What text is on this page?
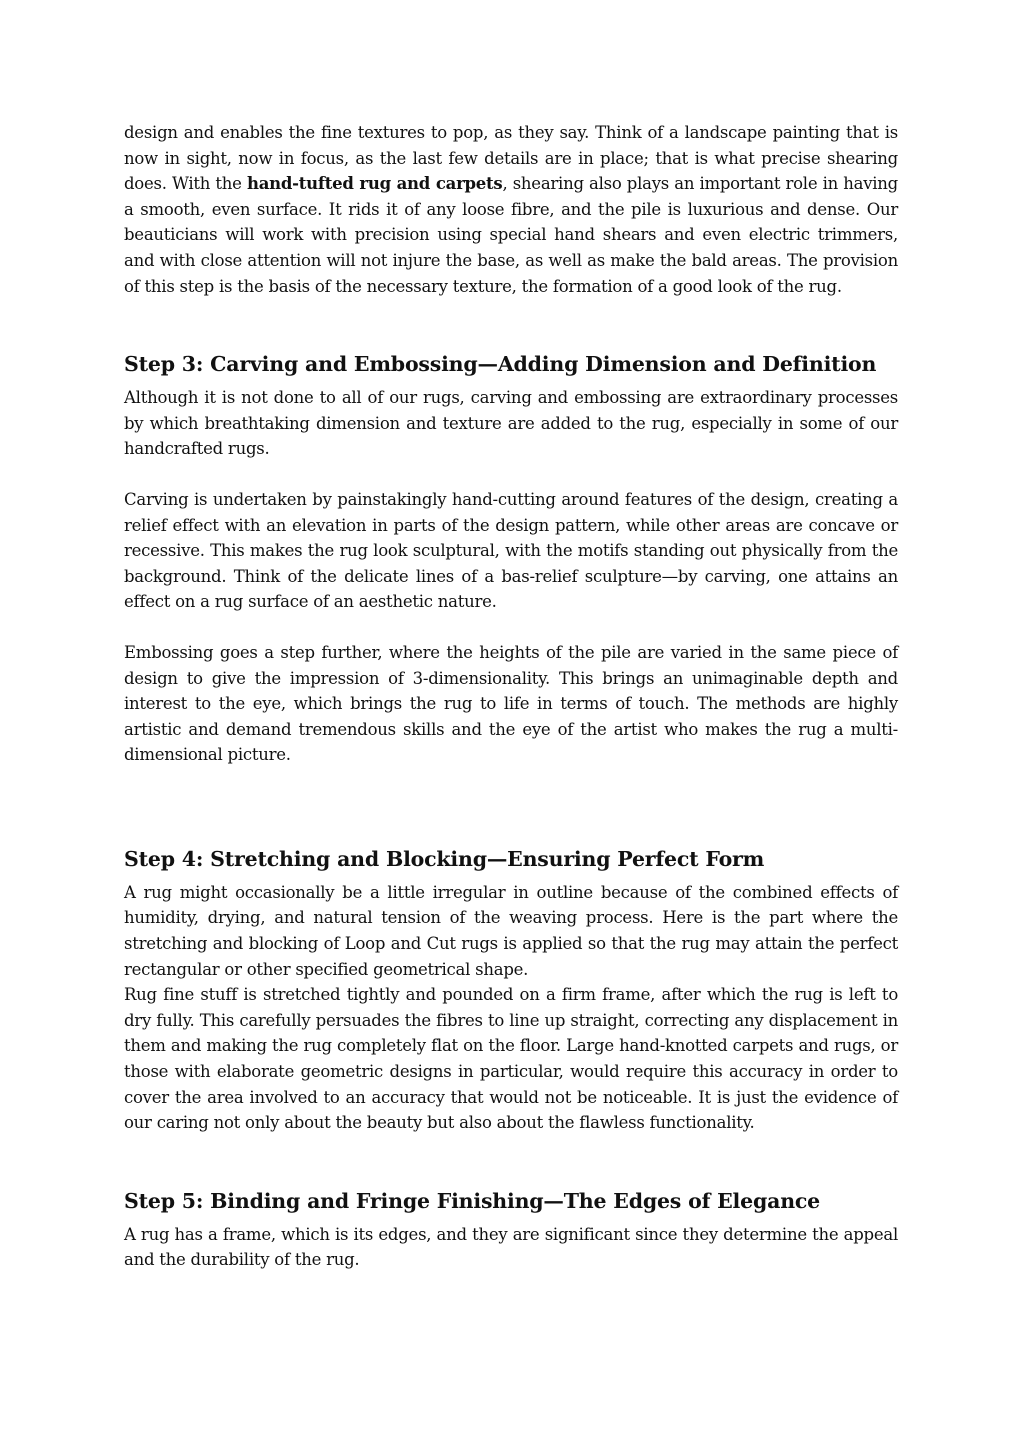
design and enables the fine textures to pop, as they say. Think of a landscape painting that is now in sight, now in focus, as the last few details are in place; that is what precise shearing does. With the hand-tufted rug and carpets, shearing also plays an important role in having a smooth, even surface. It rids it of any loose fibre, and the pile is luxurious and dense. Our beauticians will work with precision using special hand shears and even electric trimmers, and with close attention will not injure the base, as well as make the bald areas. The provision of this step is the basis of the necessary texture, the formation of a good look of the rug.

Step 3: Carving and Embossing—Adding Dimension and Definition

Although it is not done to all of our rugs, carving and embossing are extraordinary processes by which breathtaking dimension and texture are added to the rug, especially in some of our handcrafted rugs.

Carving is undertaken by painstakingly hand-cutting around features of the design, creating a relief effect with an elevation in parts of the design pattern, while other areas are concave or recessive. This makes the rug look sculptural, with the motifs standing out physically from the background. Think of the delicate lines of a bas-relief sculpture—by carving, one attains an effect on a rug surface of an aesthetic nature.

Embossing goes a step further, where the heights of the pile are varied in the same piece of design to give the impression of 3-dimensionality. This brings an unimaginable depth and interest to the eye, which brings the rug to life in terms of touch. The methods are highly artistic and demand tremendous skills and the eye of the artist who makes the rug a multi-dimensional picture.

Step 4: Stretching and Blocking—Ensuring Perfect Form

A rug might occasionally be a little irregular in outline because of the combined effects of humidity, drying, and natural tension of the weaving process. Here is the part where the stretching and blocking of Loop and Cut rugs is applied so that the rug may attain the perfect rectangular or other specified geometrical shape.

Rug fine stuff is stretched tightly and pounded on a firm frame, after which the rug is left to dry fully. This carefully persuades the fibres to line up straight, correcting any displacement in them and making the rug completely flat on the floor. Large hand-knotted carpets and rugs, or those with elaborate geometric designs in particular, would require this accuracy in order to cover the area involved to an accuracy that would not be noticeable. It is just the evidence of our caring not only about the beauty but also about the flawless functionality.

Step 5: Binding and Fringe Finishing—The Edges of Elegance

A rug has a frame, which is its edges, and they are significant since they determine the appeal and the durability of the rug.
